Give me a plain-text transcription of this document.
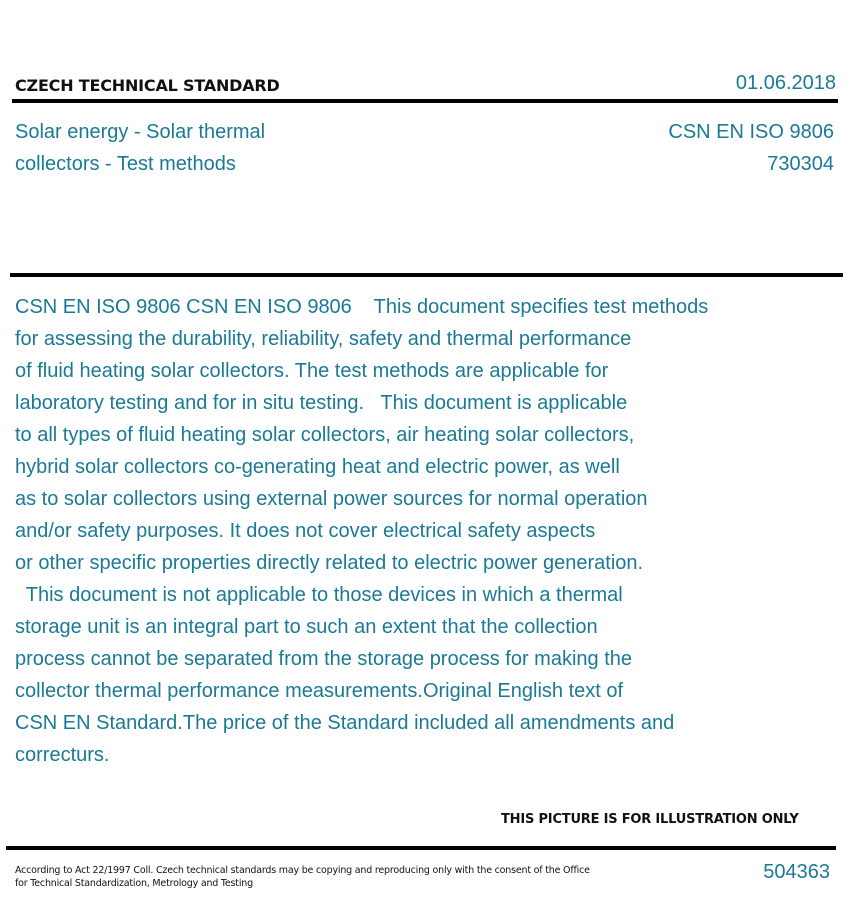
CZECH TECHNICAL STANDARD	01.06.2018
Solar energy - Solar thermal
collectors - Test methods
CSN EN ISO 9806
730304
CSN EN ISO 9806 CSN EN ISO 9806    This document specifies test methods
for assessing the durability, reliability, safety and thermal performance
of fluid heating solar collectors. The test methods are applicable for
laboratory testing and for in situ testing.   This document is applicable
to all types of fluid heating solar collectors, air heating solar collectors,
hybrid solar collectors co-generating heat and electric power, as well
as to solar collectors using external power sources for normal operation
and/or safety purposes. It does not cover electrical safety aspects
or other specific properties directly related to electric power generation.
This document is not applicable to those devices in which a thermal
storage unit is an integral part to such an extent that the collection
process cannot be separated from the storage process for making the
collector thermal performance measurements.Original English text of
CSN EN Standard.The price of the Standard included all amendments and
correcturs.
THIS PICTURE IS FOR ILLUSTRATION ONLY
According to Act 22/1997 Coll. Czech technical standards may be copying and reproducing only with the consent of the Office
for Technical Standardization, Metrology and Testing
504363
